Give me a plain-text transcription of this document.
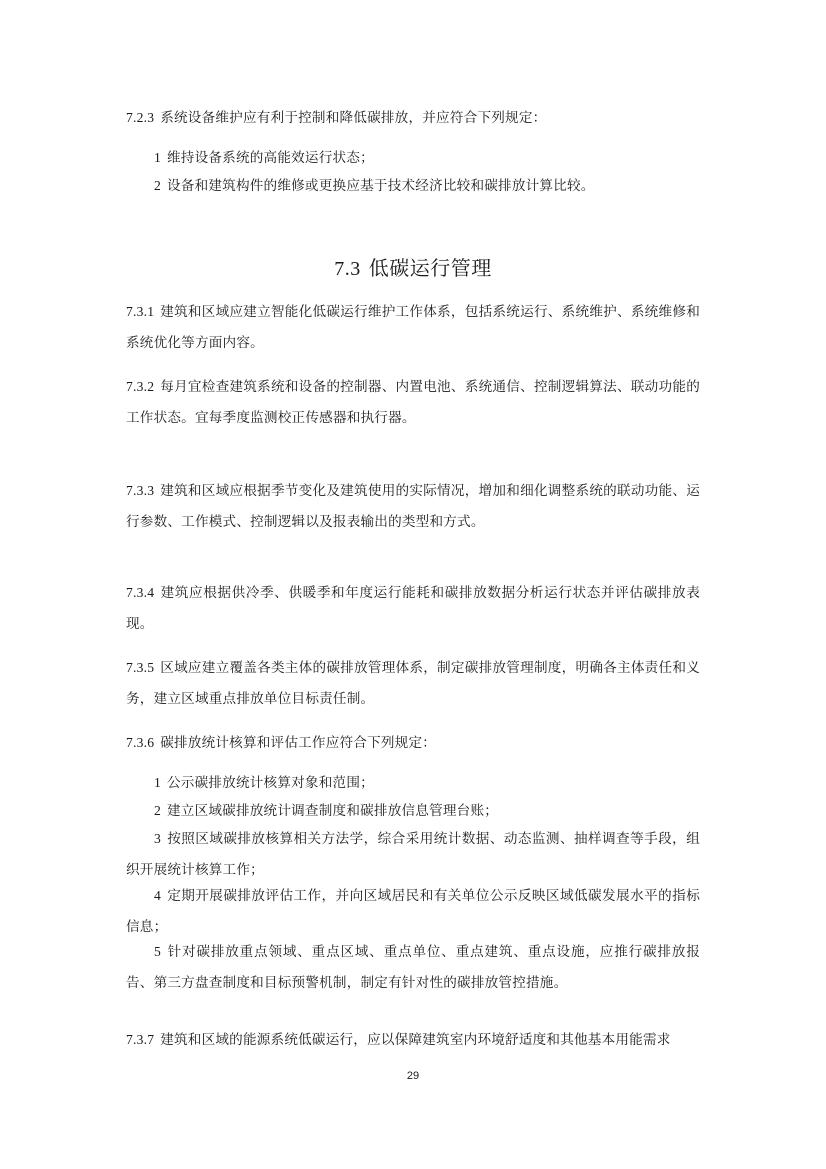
7.2.3 系统设备维护应有利于控制和降低碳排放，并应符合下列规定：
1 维持设备系统的高能效运行状态；
2 设备和建筑构件的维修或更换应基于技术经济比较和碳排放计算比较。
7.3 低碳运行管理
7.3.1 建筑和区域应建立智能化低碳运行维护工作体系，包括系统运行、系统维护、系统维修和系统优化等方面内容。
7.3.2 每月宜检查建筑系统和设备的控制器、内置电池、系统通信、控制逻辑算法、联动功能的工作状态。宜每季度监测校正传感器和执行器。
7.3.3 建筑和区域应根据季节变化及建筑使用的实际情况，增加和细化调整系统的联动功能、运行参数、工作模式、控制逻辑以及报表输出的类型和方式。
7.3.4 建筑应根据供冷季、供暖季和年度运行能耗和碳排放数据分析运行状态并评估碳排放表现。
7.3.5 区域应建立覆盖各类主体的碳排放管理体系，制定碳排放管理制度，明确各主体责任和义务，建立区域重点排放单位目标责任制。
7.3.6 碳排放统计核算和评估工作应符合下列规定：
1 公示碳排放统计核算对象和范围；
2 建立区域碳排放统计调查制度和碳排放信息管理台账；
3 按照区域碳排放核算相关方法学，综合采用统计数据、动态监测、抽样调查等手段，组织开展统计核算工作；
4 定期开展碳排放评估工作，并向区域居民和有关单位公示反映区域低碳发展水平的指标信息；
5 针对碳排放重点领域、重点区域、重点单位、重点建筑、重点设施，应推行碳排放报告、第三方盘查制度和目标预警机制，制定有针对性的碳排放管控措施。
7.3.7 建筑和区域的能源系统低碳运行，应以保障建筑室内环境舒适度和其他基本用能需求
29
